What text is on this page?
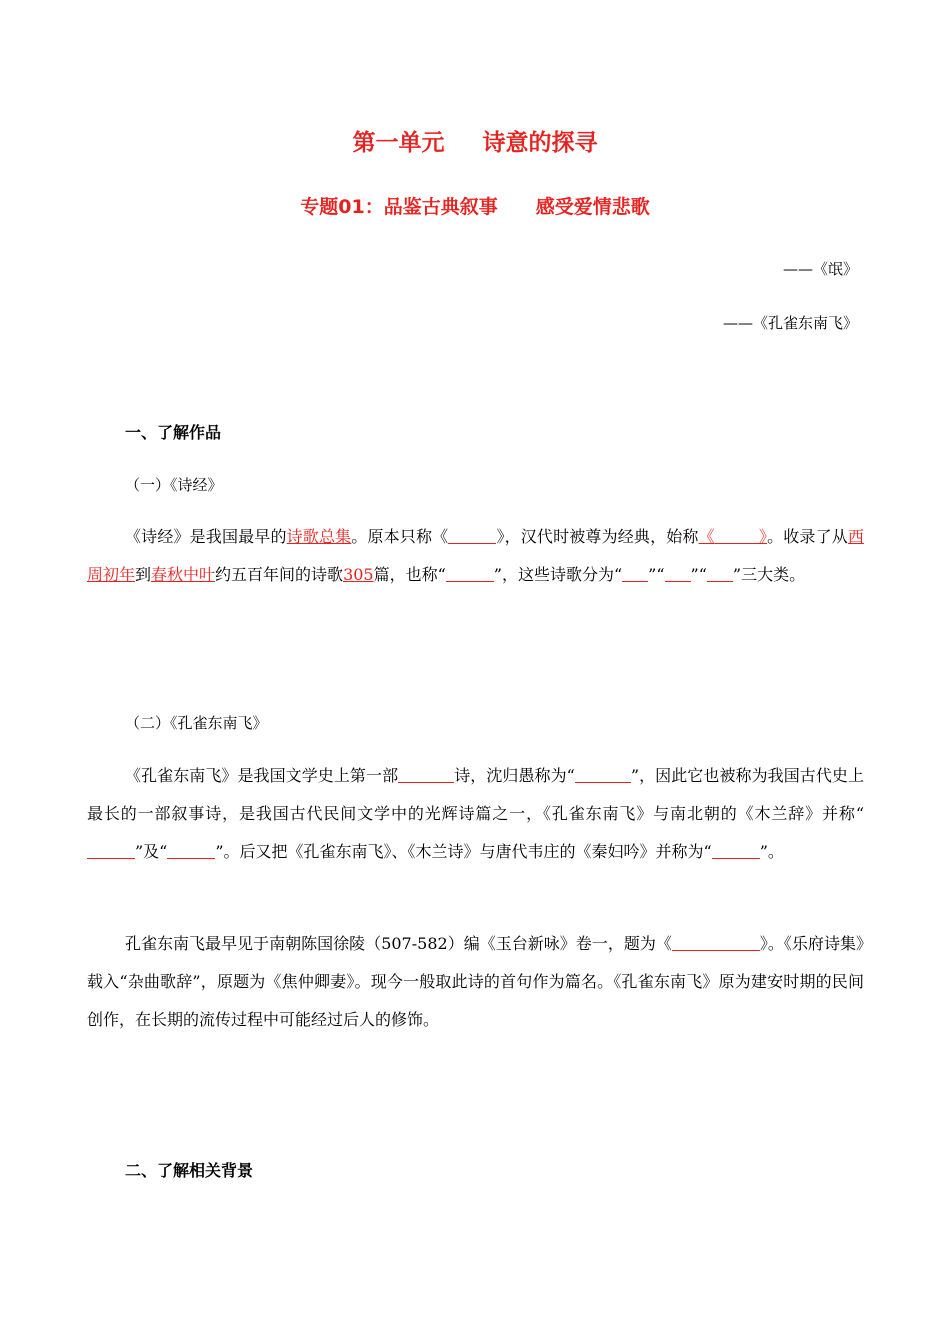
第一单元 诗意的探寻
专题01：品鉴古典叙事 感受爱情悲歌
——《氓》
——《孔雀东南飞》
一、了解作品
（一）《诗经》
《诗经》是我国最早的诗歌总集。原本只称《	》，汉代时被尊为经典，始称《	》。收录了从西周初年到春秋中叶约五百年间的诗歌305篇，也称“	”，这些诗歌分为“ ”“ ”“ ”三大类。
（二）《孔雀东南飞》
《孔雀东南飞》是我国文学史上第一部	诗，沈归愚称为“	”，因此它也被称为我国古代史上最长的一部叙事诗，是我国古代民间文学中的光辉诗篇之一，《孔雀东南飞》与南北朝的《木兰辞》并称“”及“	”。后又把《孔雀东南飞》、《木兰诗》与唐代韦庄的《秦妇吟》并称为“	”。
孔雀东南飞最早见于南朝陈国徐陵（507-582）编《玉台新咏》卷一，题为《	》。《乐府诗集》载入“杂曲歌辞”，原题为《焦仲卿妻》。现今一般取此诗的首句作为篇名。《孔雀东南飞》原为建安时期的民间创作，在长期的流传过程中可能经过后人的修饰。
二、了解相关背景
